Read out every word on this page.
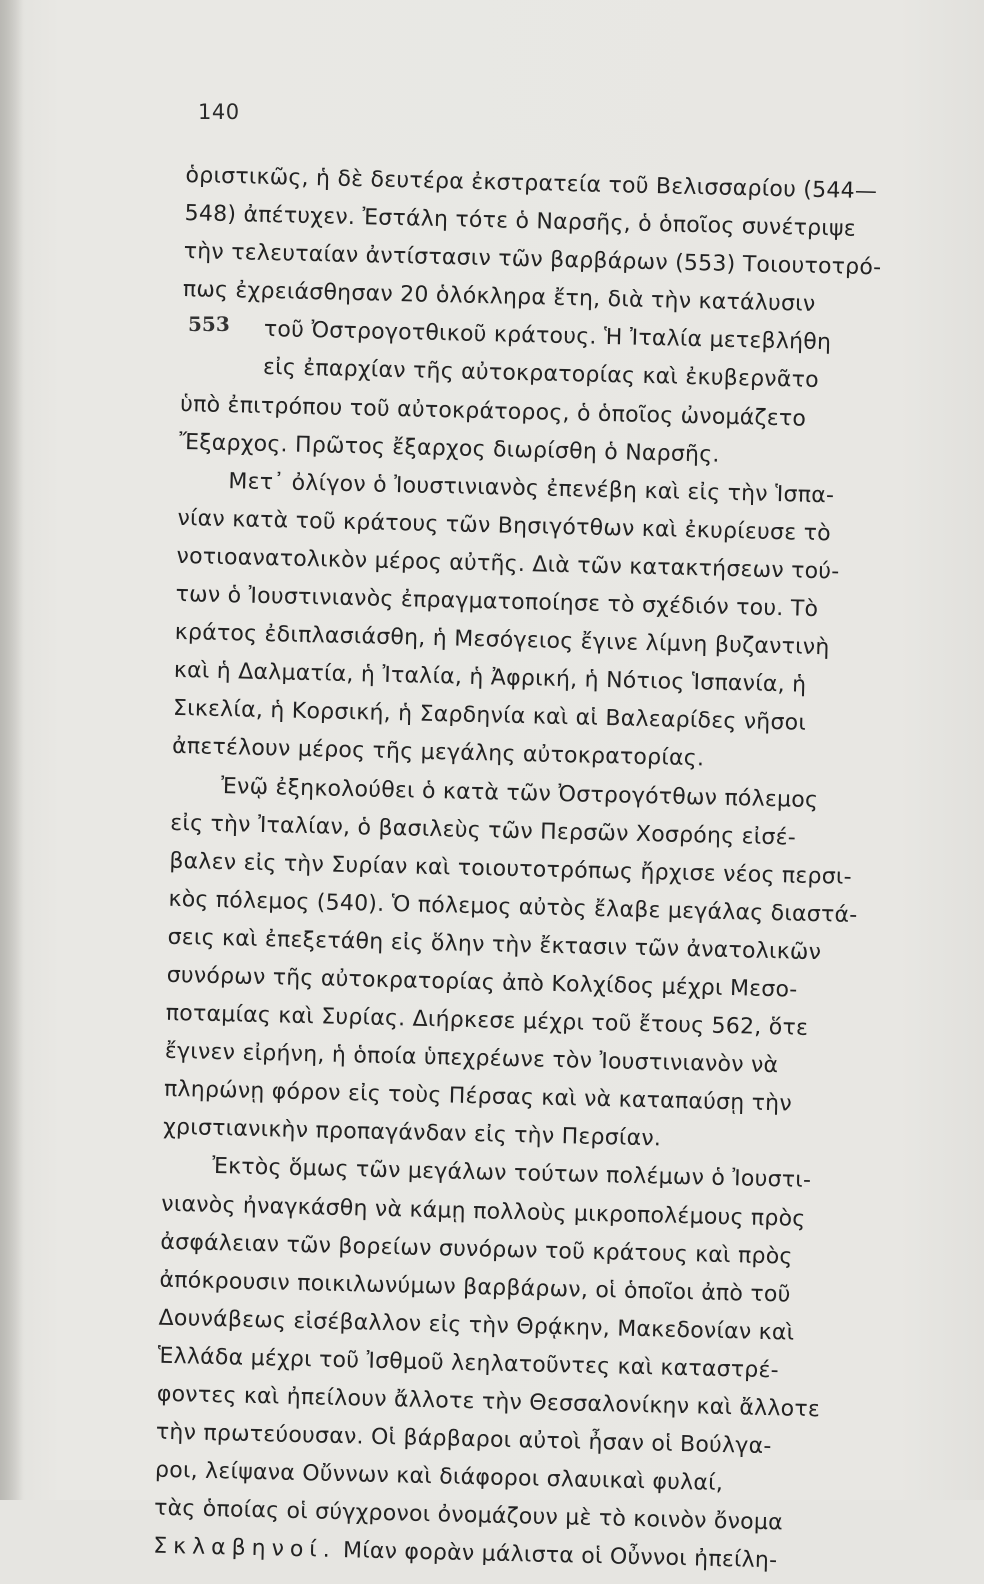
140
553
ὁριστικῶς, ἡ δὲ δευτέρα ἐκστρατεία τοῦ Βελισσαρίου (544—
548) ἀπέτυχεν. Ἐστάλη τότε ὁ Ναρσῆς, ὁ ὁποῖος συνέτριψε
τὴν τελευταίαν ἀντίστασιν τῶν βαρβάρων (553) Τοιουτοτρό-
πως ἐχρειάσθησαν 20 ὁλόκληρα ἔτη, διὰ τὴν κατάλυσιν
τοῦ Ὀστρογοτθικοῦ κράτους. Ἡ Ἰταλία μετεβλήθη
εἰς ἐπαρχίαν τῆς αὐτοκρατορίας καὶ ἐκυβερνᾶτο
ὑπὸ ἐπιτρόπου τοῦ αὐτοκράτορος, ὁ ὁποῖος ὠνομάζετο
Ἔξαρχος. Πρῶτος ἔξαρχος διωρίσθη ὁ Ναρσῆς.
Μετ᾽ ὀλίγον ὁ Ἰουστινιανὸς ἐπενέβη καὶ εἰς τὴν Ἱσπα-
νίαν κατὰ τοῦ κράτους τῶν Βησιγότθων καὶ ἐκυρίευσε τὸ
νοτιοανατολικὸν μέρος αὐτῆς. Διὰ τῶν κατακτήσεων τού-
των ὁ Ἰουστινιανὸς ἐπραγματοποίησε τὸ σχέδιόν του. Τὸ
κράτος ἐδιπλασιάσθη, ἡ Μεσόγειος ἔγινε λίμνη βυζαντινὴ
καὶ ἡ Δαλματία, ἡ Ἰταλία, ἡ Ἀφρική, ἡ Νότιος Ἱσπανία, ἡ
Σικελία, ἡ Κορσική, ἡ Σαρδηνία καὶ αἱ Βαλεαρίδες νῆσοι
ἀπετέλουν μέρος τῆς μεγάλης αὐτοκρατορίας.
Ἐνῷ ἐξηκολούθει ὁ κατὰ τῶν Ὀστρογότθων πόλεμος
εἰς τὴν Ἰταλίαν, ὁ βασιλεὺς τῶν Περσῶν Χοσρόης εἰσέ-
βαλεν εἰς τὴν Συρίαν καὶ τοιουτοτρόπως ἤρχισε νέος περσι-
κὸς πόλεμος (540). Ὁ πόλεμος αὐτὸς ἔλαβε μεγάλας διαστά-
σεις καὶ ἐπεξετάθη εἰς ὅλην τὴν ἔκτασιν τῶν ἀνατολικῶν
συνόρων τῆς αὐτοκρατορίας ἀπὸ Κολχίδος μέχρι Μεσο-
ποταμίας καὶ Συρίας. Διήρκεσε μέχρι τοῦ ἔτους 562, ὅτε
ἔγινεν εἰρήνη, ἡ ὁποία ὑπεχρέωνε τὸν Ἰουστινιανὸν νὰ
πληρώνῃ φόρον εἰς τοὺς Πέρσας καὶ νὰ καταπαύσῃ τὴν
χριστιανικὴν προπαγάνδαν εἰς τὴν Περσίαν.
Ἐκτὸς ὅμως τῶν μεγάλων τούτων πολέμων ὁ Ἰουστι-
νιανὸς ἠναγκάσθη νὰ κάμῃ πολλοὺς μικροπολέμους πρὸς
ἀσφάλειαν τῶν βορείων συνόρων τοῦ κράτους καὶ πρὸς
ἀπόκρουσιν ποικιλωνύμων βαρβάρων, οἱ ὁποῖοι ἀπὸ τοῦ
Δουνάβεως εἰσέβαλλον εἰς τὴν Θρᾴκην, Μακεδονίαν καὶ
Ἑλλάδα μέχρι τοῦ Ἰσθμοῦ λεηλατοῦντες καὶ καταστρέ-
φοντες καὶ ἠπείλουν ἄλλοτε τὴν Θεσσαλονίκην καὶ ἄλλοτε
τὴν πρωτεύουσαν. Οἱ βάρβαροι αὐτοὶ ἦσαν οἱ Βούλγα-
ροι, λείψανα Οὔννων καὶ διάφοροι σλαυικαὶ φυλαί,
τὰς ὁποίας οἱ σύγχρονοι ὀνομάζουν μὲ τὸ κοινὸν ὄνομα
Σκλαβηνοί. Μίαν φορὰν μάλιστα οἱ Οὖννοι ἠπείλη-
